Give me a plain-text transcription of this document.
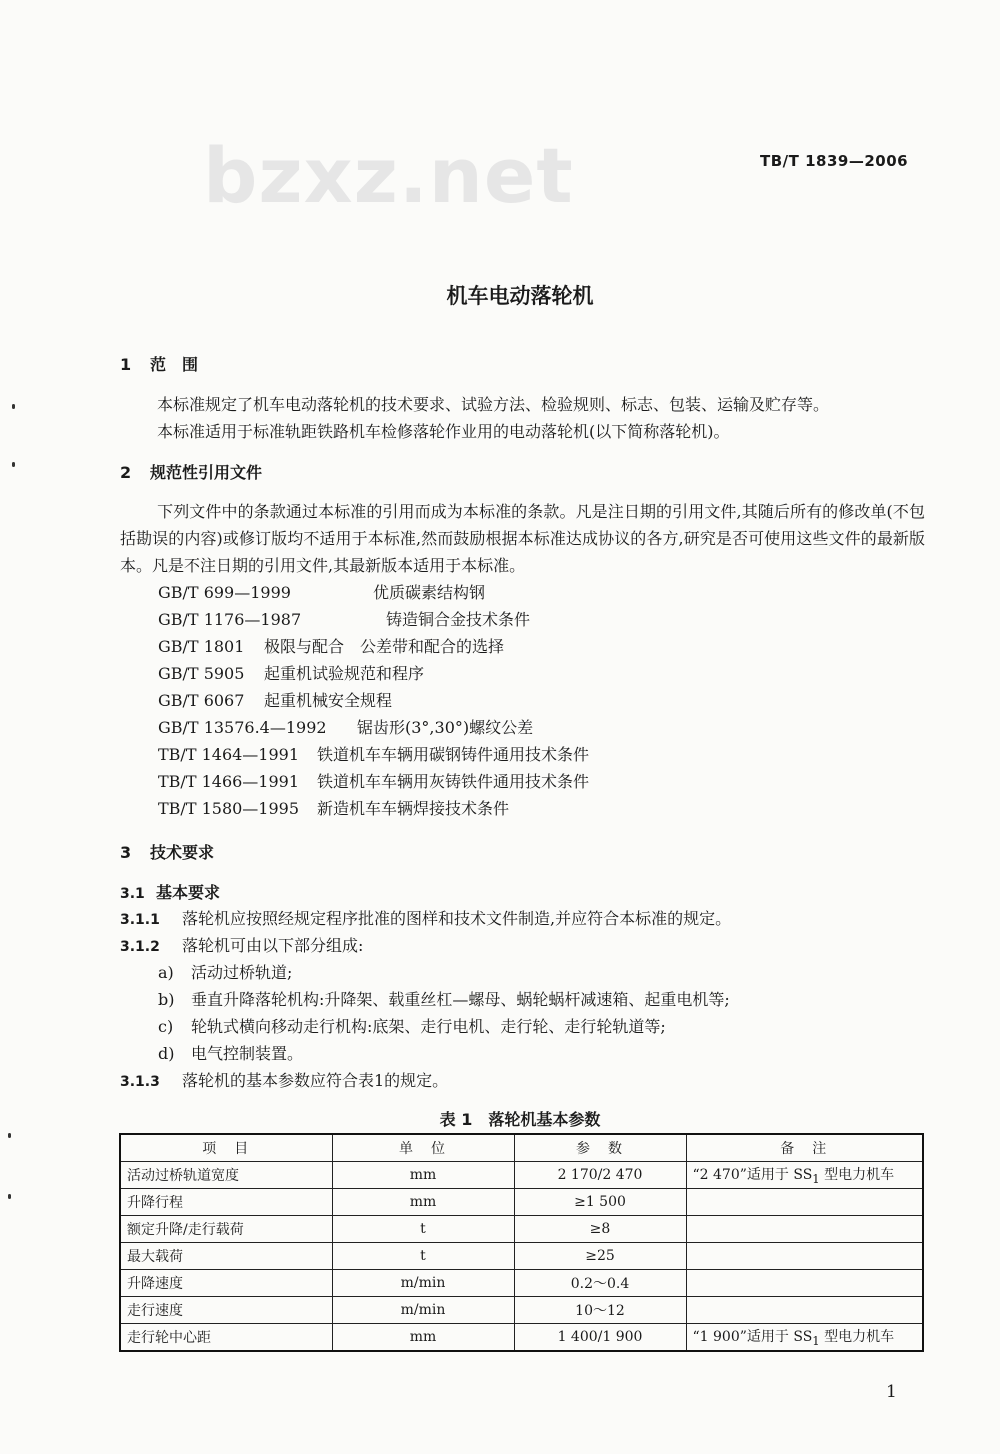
bzxz.net	TB/T 1839—2006
机车电动落轮机
1 范　围
本标准规定了机车电动落轮机的技术要求、试验方法、检验规则、标志、包装、运输及贮存等。
本标准适用于标准轨距铁路机车检修落轮作业用的电动落轮机(以下简称落轮机)。
2 规范性引用文件
下列文件中的条款通过本标准的引用而成为本标准的条款。凡是注日期的引用文件,其随后所有的修改单(不包括勘误的内容)或修订版均不适用于本标准,然而鼓励根据本标准达成协议的各方,研究是否可使用这些文件的最新版本。凡是不注日期的引用文件,其最新版本适用于本标准。
GB/T 699—1999	优质碳素结构钢
GB/T 1176—1987	铸造铜合金技术条件
GB/T 1801 极限与配合　公差带和配合的选择
GB/T 5905 起重机试验规范和程序
GB/T 6067 起重机械安全规程
GB/T 13576.4—1992 锯齿形(3°,30°)螺纹公差
TB/T 1464—1991 铁道机车车辆用碳钢铸件通用技术条件
TB/T 1466—1991 铁道机车车辆用灰铸铁件通用技术条件
TB/T 1580—1995 新造机车车辆焊接技术条件
3 技术要求
3.1 基本要求
3.1.1 落轮机应按照经规定程序批准的图样和技术文件制造,并应符合本标准的规定。
3.1.2 落轮机可由以下部分组成:
a) 活动过桥轨道;
b) 垂直升降落轮机构:升降架、载重丝杠—螺母、蜗轮蜗杆减速箱、起重电机等;
c) 轮轨式横向移动走行机构:底架、走行电机、走行轮、走行轮轨道等;
d) 电气控制装置。
3.1.3 落轮机的基本参数应符合表1的规定。
表 1　落轮机基本参数
项　目	单　位	参　数	备　注
活动过桥轨道宽度	mm	2 170/2 470	“2 470”适用于 $SS_1$ 型电力机车
升降行程	mm	≥1 500	
额定升降/走行载荷	t	≥8	
最大载荷	t	≥25	
升降速度	m/min	0.2～0.4	
走行速度	m/min	10～12	
走行轮中心距	mm	1 400/1 900	“1 900”适用于 $SS_1$ 型电力机车
1
